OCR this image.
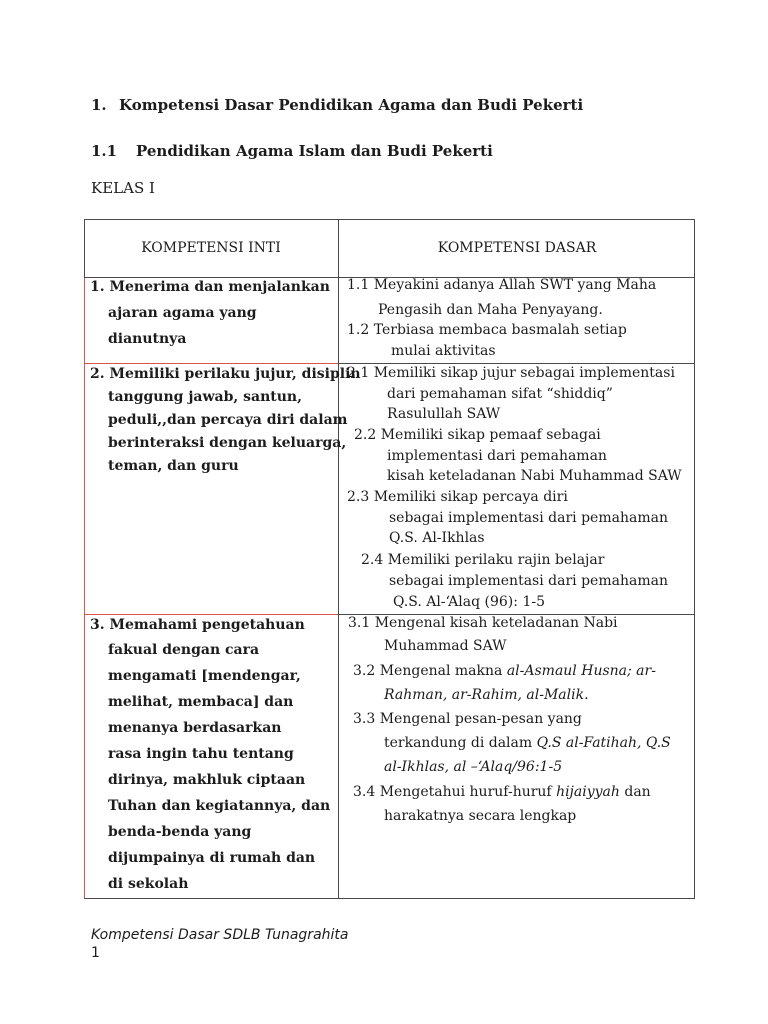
1. Kompetensi Dasar Pendidikan Agama dan Budi Pekerti
1.1 Pendidikan Agama Islam dan Budi Pekerti
KELAS I
KOMPETENSI INTI	KOMPETENSI DASAR
1. Menerima dan menjalankan
ajaran agama yang
dianutnya
1.1 Meyakini adanya Allah SWT yang Maha
Pengasih dan Maha Penyayang.
1.2 Terbiasa membaca basmalah setiap
mulai aktivitas
2. Memiliki perilaku jujur, disiplin
tanggung jawab, santun,
peduli,,dan percaya diri dalam
berinteraksi dengan keluarga,
teman, dan guru
2.1 Memiliki sikap jujur sebagai implementasi
dari pemahaman sifat “shiddiq”
Rasulullah SAW
2.2 Memiliki sikap pemaaf sebagai
implementasi dari pemahaman
kisah keteladanan Nabi Muhammad SAW
2.3 Memiliki sikap percaya diri
sebagai implementasi dari pemahaman
Q.S. Al-Ikhlas
2.4 Memiliki perilaku rajin belajar
sebagai implementasi dari pemahaman
Q.S. Al-‘Alaq (96): 1-5
3. Memahami pengetahuan
fakual dengan cara
mengamati [mendengar,
melihat, membaca] dan
menanya berdasarkan
rasa ingin tahu tentang
dirinya, makhluk ciptaan
Tuhan dan kegiatannya, dan
benda-benda yang
dijumpainya di rumah dan
di sekolah
3.1 Mengenal kisah keteladanan Nabi
Muhammad SAW
3.2 Mengenal makna al-Asmaul Husna; ar-
Rahman, ar-Rahim, al-Malik.
3.3 Mengenal pesan-pesan yang
terkandung di dalam Q.S al-Fatihah, Q.S
al-Ikhlas, al –‘Alaq/96:1-5
3.4 Mengetahui huruf-huruf hijaiyyah dan
harakatnya secara lengkap
Kompetensi Dasar SDLB Tunagrahita
1
